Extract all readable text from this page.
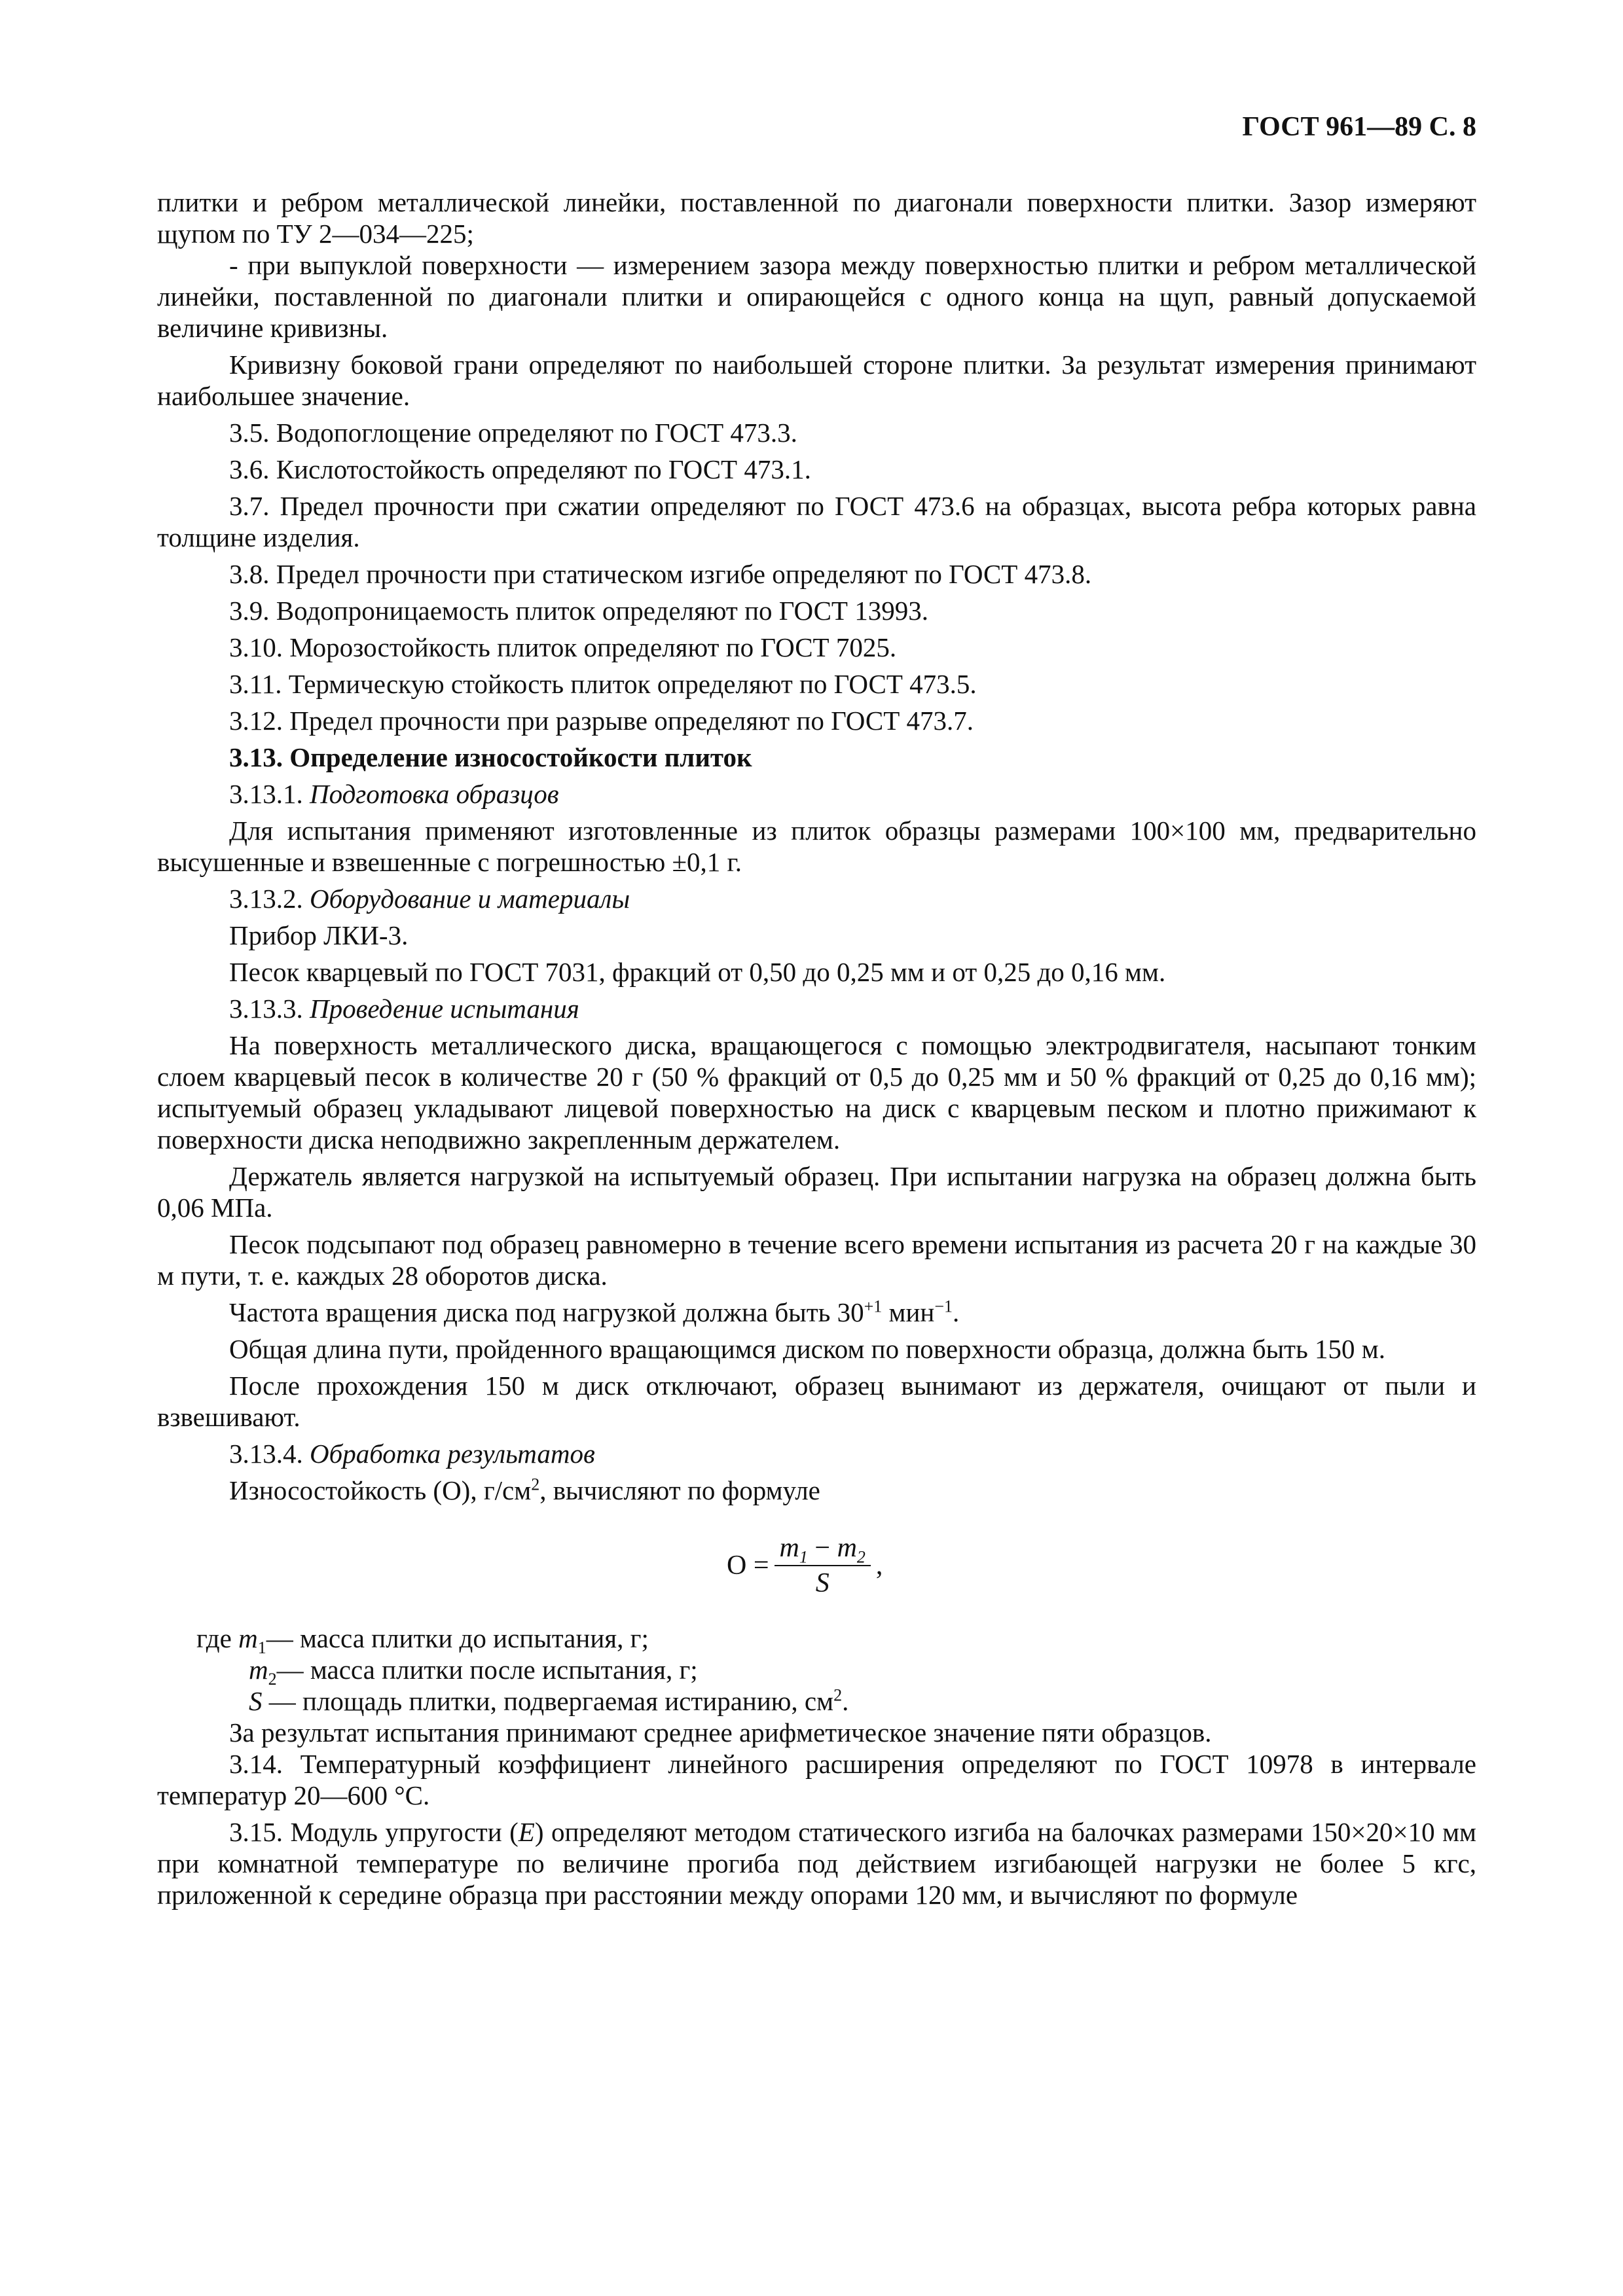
ГОСТ 961—89 С. 8

плитки и ребром металлической линейки, поставленной по диагонали поверхности плитки. Зазор измеряют щупом по ТУ 2—034—225;

- при выпуклой поверхности — измерением зазора между поверхностью плитки и ребром металлической линейки, поставленной по диагонали плитки и опирающейся с одного конца на щуп, равный допускаемой величине кривизны.

Кривизну боковой грани определяют по наибольшей стороне плитки. За результат измерения принимают наибольшее значение.

3.5. Водопоглощение определяют по ГОСТ 473.3.

3.6. Кислотостойкость определяют по ГОСТ 473.1.

3.7. Предел прочности при сжатии определяют по ГОСТ 473.6 на образцах, высота ребра которых равна толщине изделия.

3.8. Предел прочности при статическом изгибе определяют по ГОСТ 473.8.

3.9. Водопроницаемость плиток определяют по ГОСТ 13993.

3.10. Морозостойкость плиток определяют по ГОСТ 7025.

3.11. Термическую стойкость плиток определяют по ГОСТ 473.5.

3.12. Предел прочности при разрыве определяют по ГОСТ 473.7.

3.13. Определение износостойкости плиток

3.13.1. Подготовка образцов

Для испытания применяют изготовленные из плиток образцы размерами 100×100 мм, предварительно высушенные и взвешенные с погрешностью ±0,1 г.

3.13.2. Оборудование и материалы

Прибор ЛКИ-3.

Песок кварцевый по ГОСТ 7031, фракций от 0,50 до 0,25 мм и от 0,25 до 0,16 мм.

3.13.3. Проведение испытания

На поверхность металлического диска, вращающегося с помощью электродвигателя, насыпают тонким слоем кварцевый песок в количестве 20 г (50 % фракций от 0,5 до 0,25 мм и 50 % фракций от 0,25 до 0,16 мм); испытуемый образец укладывают лицевой поверхностью на диск с кварцевым песком и плотно прижимают к поверхности диска неподвижно закрепленным держателем.

Держатель является нагрузкой на испытуемый образец. При испытании нагрузка на образец должна быть 0,06 МПа.

Песок подсыпают под образец равномерно в течение всего времени испытания из расчета 20 г на каждые 30 м пути, т. е. каждых 28 оборотов диска.

Частота вращения диска под нагрузкой должна быть $30^{+1}$ мин$^{-1}$.

Общая длина пути, пройденного вращающимся диском по поверхности образца, должна быть 150 м.

После прохождения 150 м диск отключают, образец вынимают из держателя, очищают от пыли и взвешивают.

3.13.4. Обработка результатов

Износостойкость (О), $г/см^2$, вычисляют по формуле

$О = \frac{m_1 - m_2}{S}$ ,
где $m_1—$ масса плитки до испытания, г;
$m_2—$ масса плитки после испытания, г;
S — площадь плитки, подвергаемая истиранию, $см^2$.

За результат испытания принимают среднее арифметическое значение пяти образцов.

3.14. Температурный коэффициент линейного расширения определяют по ГОСТ 10978 в интервале температур 20—600 °С.

3.15. Модуль упругости (Е) определяют методом статического изгиба на балочках размерами 150×20×10 мм при комнатной температуре по величине прогиба под действием изгибающей нагрузки не более 5 кгс, приложенной к середине образца при расстоянии между опорами 120 мм, и вычисляют по формуле
